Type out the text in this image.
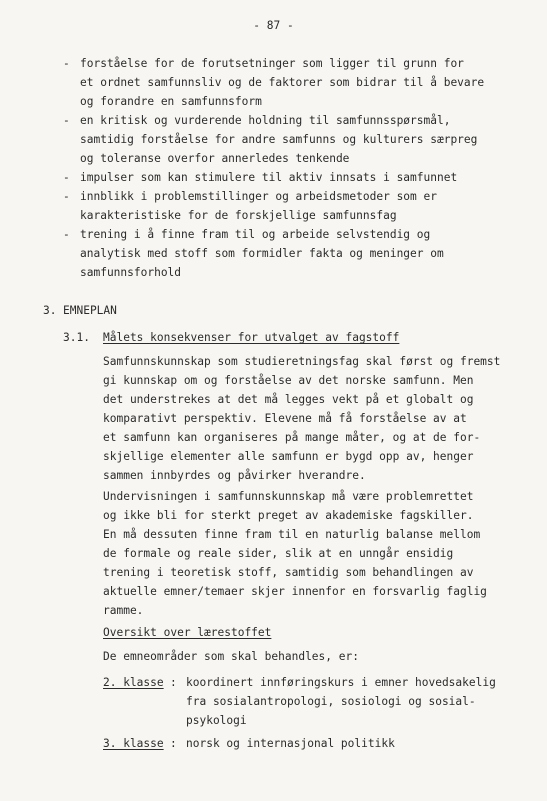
- 87 -
- forståelse for de forutsetninger som ligger til grunn for
et ordnet samfunnsliv og de faktorer som bidrar til å bevare
og forandre en samfunnsform
- en kritisk og vurderende holdning til samfunnsspørsmål,
samtidig forståelse for andre samfunns og kulturers særpreg
og toleranse overfor annerledes tenkende
- impulser som kan stimulere til aktiv innsats i samfunnet
- innblikk i problemstillinger og arbeidsmetoder som er
karakteristiske for de forskjellige samfunnsfag
- trening i å finne fram til og arbeide selvstendig og
analytisk med stoff som formidler fakta og meninger om
samfunnsforhold
3. EMNEPLAN
3.1. Målets konsekvenser for utvalget av fagstoff
Samfunnskunnskap som studieretningsfag skal først og fremst
gi kunnskap om og forståelse av det norske samfunn. Men
det understrekes at det må legges vekt på et globalt og
komparativt perspektiv. Elevene må få forståelse av at
et samfunn kan organiseres på mange måter, og at de for-
skjellige elementer alle samfunn er bygd opp av, henger
sammen innbyrdes og påvirker hverandre.
Undervisningen i samfunnskunnskap må være problemrettet
og ikke bli for sterkt preget av akademiske fagskiller.
En må dessuten finne fram til en naturlig balanse mellom
de formale og reale sider, slik at en unngår ensidig
trening i teoretisk stoff, samtidig som behandlingen av
aktuelle emner/temaer skjer innenfor en forsvarlig faglig
ramme.
Oversikt over lærestoffet
De emneområder som skal behandles, er:
2. klasse : koordinert innføringskurs i emner hovedsakelig
fra sosialantropologi, sosiologi og sosial-
psykologi
3. klasse : norsk og internasjonal politikk
